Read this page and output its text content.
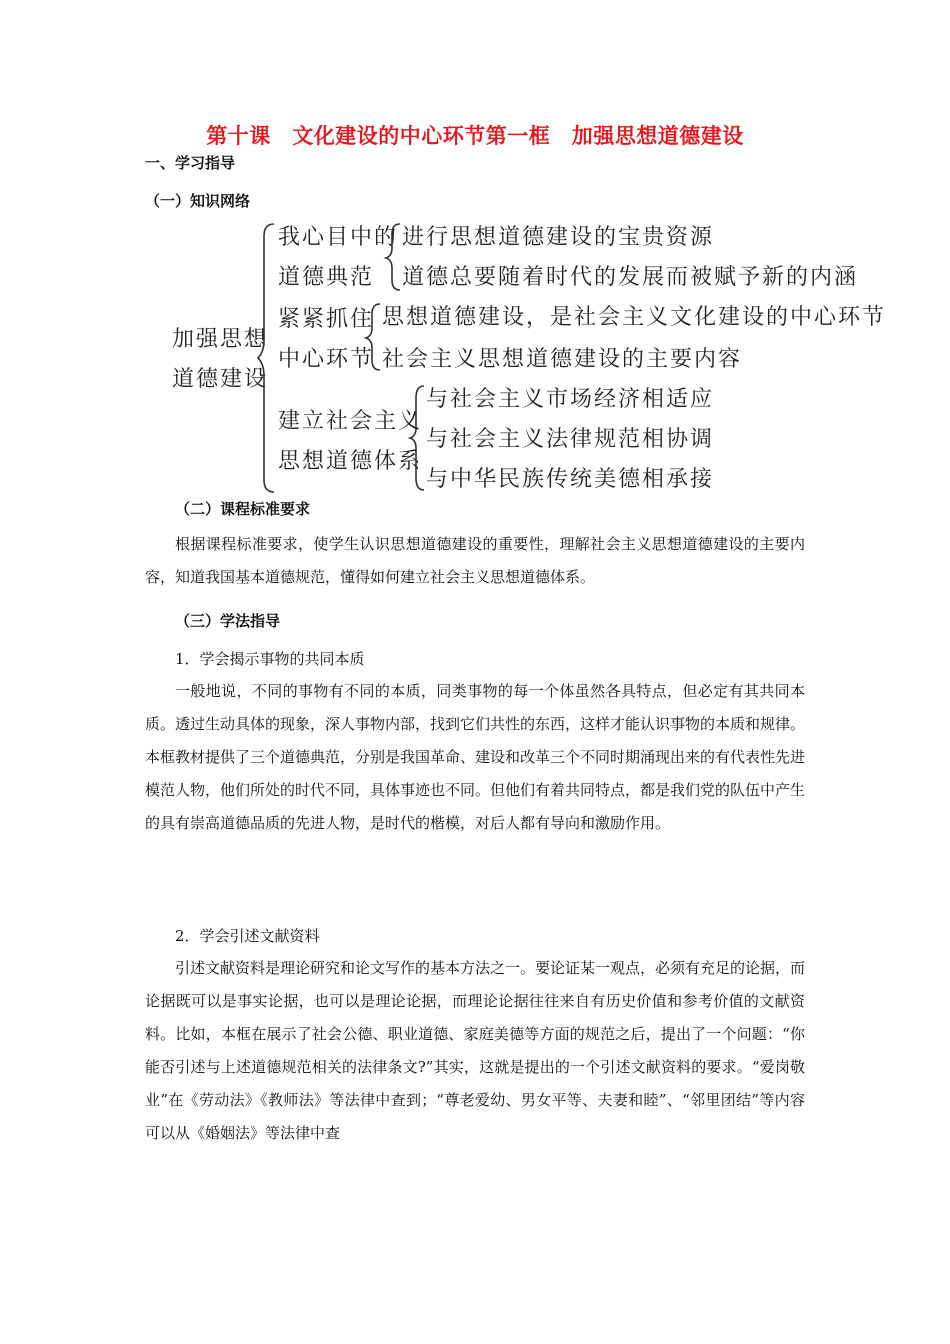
第十课　文化建设的中心环节第一框　加强思想道德建设
一、学习指导
（一）知识网络
加强思想
道德建设
我心目中的
道德典范
进行思想道德建设的宝贵资源
道德总要随着时代的发展而被赋予新的内涵
紧紧抓住
中心环节
思想道德建设，是社会主义文化建设的中心环节
社会主义思想道德建设的主要内容
建立社会主义
思想道德体系
与社会主义市场经济相适应
与社会主义法律规范相协调
与中华民族传统美德相承接
（二）课程标准要求
根据课程标准要求，使学生认识思想道德建设的重要性，理解社会主义思想道德建设的主要内容，知道我国基本道德规范，懂得如何建立社会主义思想道德体系。
（三）学法指导
1．学会揭示事物的共同本质
一般地说，不同的事物有不同的本质，同类事物的每一个体虽然各具特点，但必定有其共同本质。透过生动具体的现象，深人事物内部，找到它们共性的东西，这样才能认识事物的本质和规律。本框教材提供了三个道德典范，分别是我国革命、建设和改革三个不同时期涌现出来的有代表性先进模范人物，他们所处的时代不同，具体事迹也不同。但他们有着共同特点，都是我们党的队伍中产生的具有崇高道德品质的先进人物，是时代的楷模，对后人都有导向和激励作用。
2．学会引述文献资料
引述文献资料是理论研究和论文写作的基本方法之一。要论证某一观点，必须有充足的论据，而论据既可以是事实论据，也可以是理论论据，而理论论据往往来自有历史价值和参考价值的文献资料。比如，本框在展示了社会公德、职业道德、家庭美德等方面的规范之后，提出了一个问题：“你能否引述与上述道德规范相关的法律条文?”其实，这就是提出的一个引述文献资料的要求。“爱岗敬业”在《劳动法》《教师法》等法律中查到；“尊老爱幼、男女平等、夫妻和睦”、“邻里团结”等内容可以从《婚姻法》等法律中查
